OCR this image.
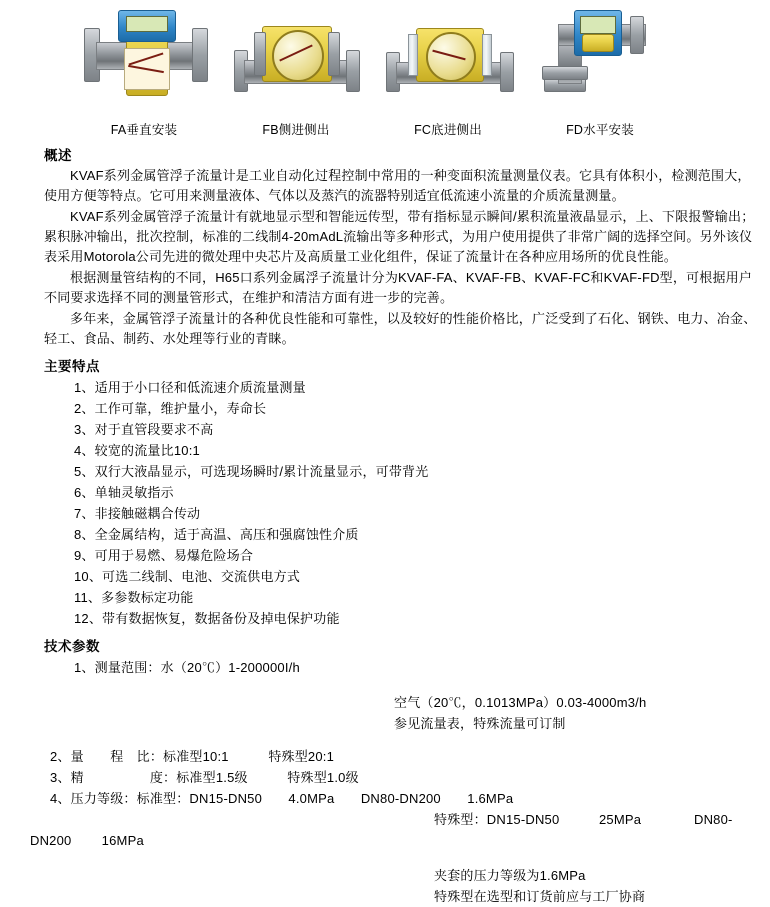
FA垂直安装	FB侧进侧出	FC底进侧出	FD水平安装
概述

KVAF系列金属管浮子流量计是工业自动化过程控制中常用的一种变面积流量测量仪表。它具有体积小，检测范围大，使用方便等特点。它可用来测量液体、气体以及蒸汽的流器特别适宜低流速小流量的介质流量测量。

KVAF系列金属管浮子流量计有就地显示型和智能远传型，带有指标显示瞬间/累积流量液晶显示，上、下限报警输出；累积脉冲输出，批次控制，标准的二线制4-20mAdL流输出等多种形式，为用户使用提供了非常广阔的选择空间。另外该仪表采用Motorola公司先进的微处理中央芯片及高质量工业化组件，保证了流量计在各种应用场所的优良性能。

根据测量管结构的不同，H65口系列金属浮子流量计分为KVAF-FA、KVAF-FB、KVAF-FC和KVAF-FD型，可根据用户不同要求选择不同的测量管形式，在维护和清洁方面有进一步的完善。

多年来，金属管浮子流量计的各种优良性能和可靠性，以及较好的性能价格比，广泛受到了石化、钢铁、电力、冶金、轻工、食品、制药、水处理等行业的青睐。

主要特点
1、适用于小口径和低流速介质流量测量
2、工作可靠，维护量小，寿命长
3、对于直管段要求不高
4、较宽的流量比10:1
5、双行大液晶显示，可选现场瞬时/累计流量显示，可带背光
6、单轴灵敏指示
7、非接触磁耦合传动
8、全金属结构，适于高温、高压和强腐蚀性介质
9、可用于易燃、易爆危险场合
10、可选二线制、电池、交流供电方式
11、多参数标定功能
12、带有数据恢复，数据备份及掉电保护功能
技术参数
1、测量范围：水（20℃）1-200000I/h
空气（20℃，0.1013MPa）0.03-4000m3/h
参见流量表，特殊流量可订制
2、量　　程　比：标准型10:1　　　特殊型20:1
3、精　　　　　度：标准型1.5级　　　特殊型1.0级
4、压力等级：标准型：DN15-DN50　　4.0MPa　　DN80-DN200　　1.6MPa
特殊型：DN15-DN50　　　25MPa　　　　DN80-
DN200　　 16MPa
夹套的压力等级为1.6MPa
特殊型在选型和订货前应与工厂协商
